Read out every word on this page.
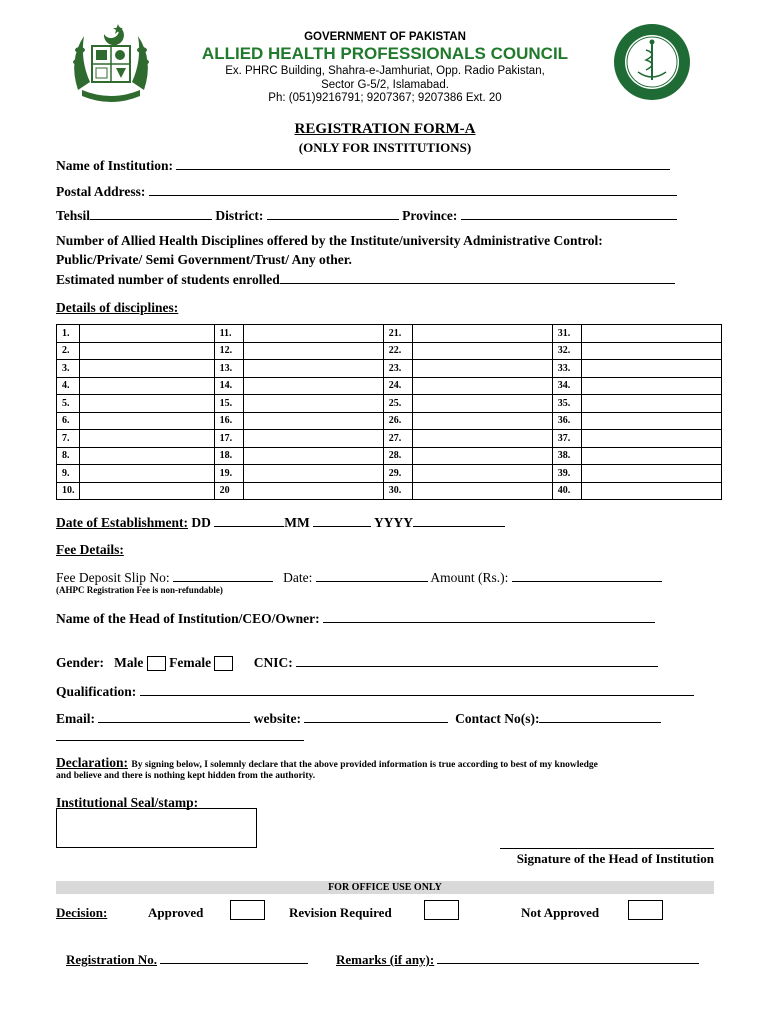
GOVERNMENT OF PAKISTAN
ALLIED HEALTH PROFESSIONALS COUNCIL
Ex. PHRC Building, Shahra-e-Jamhuriat, Opp. Radio Pakistan,
Sector G-5/2, Islamabad.
Ph: (051)9216791; 9207367; 9207386 Ext. 20
REGISTRATION FORM-A
(ONLY FOR INSTITUTIONS)
Name of Institution:
Postal Address:
Tehsil	District:	Province:
Number of Allied Health Disciplines offered by the Institute/university Administrative Control:
Public/Private/ Semi Government/Trust/ Any other.
Estimated number of students enrolled
Details of disciplines:
1.		11.		21.		31.	
2.		12.		22.		32.	
3.		13.		23.		33.	
4.		14.		24.		34.	
5.		15.		25.		35.	
6.		16.		26.		36.	
7.		17.		27.		37.	
8.		18.		28.		38.	
9.		19.		29.		39.	
10.		20		30.		40.	
Date of Establishment: DD	MM	YYYY
Fee Details:
Fee Deposit Slip No:	Date:	Amount (Rs.):
(AHPC Registration Fee is non-refundable)
Name of the Head of Institution/CEO/Owner:
Gender: Male Female	CNIC:
Qualification:
Email:	website:	Contact No(s):
Declaration: By signing below, I solemnly declare that the above provided information is true according to best of my knowledge
and believe and there is nothing kept hidden from the authority.
Institutional Seal/stamp:
Signature of the Head of Institution
FOR OFFICE USE ONLY
Decision:	Approved	Revision Required	Not Approved
Registration No.	Remarks (if any):
